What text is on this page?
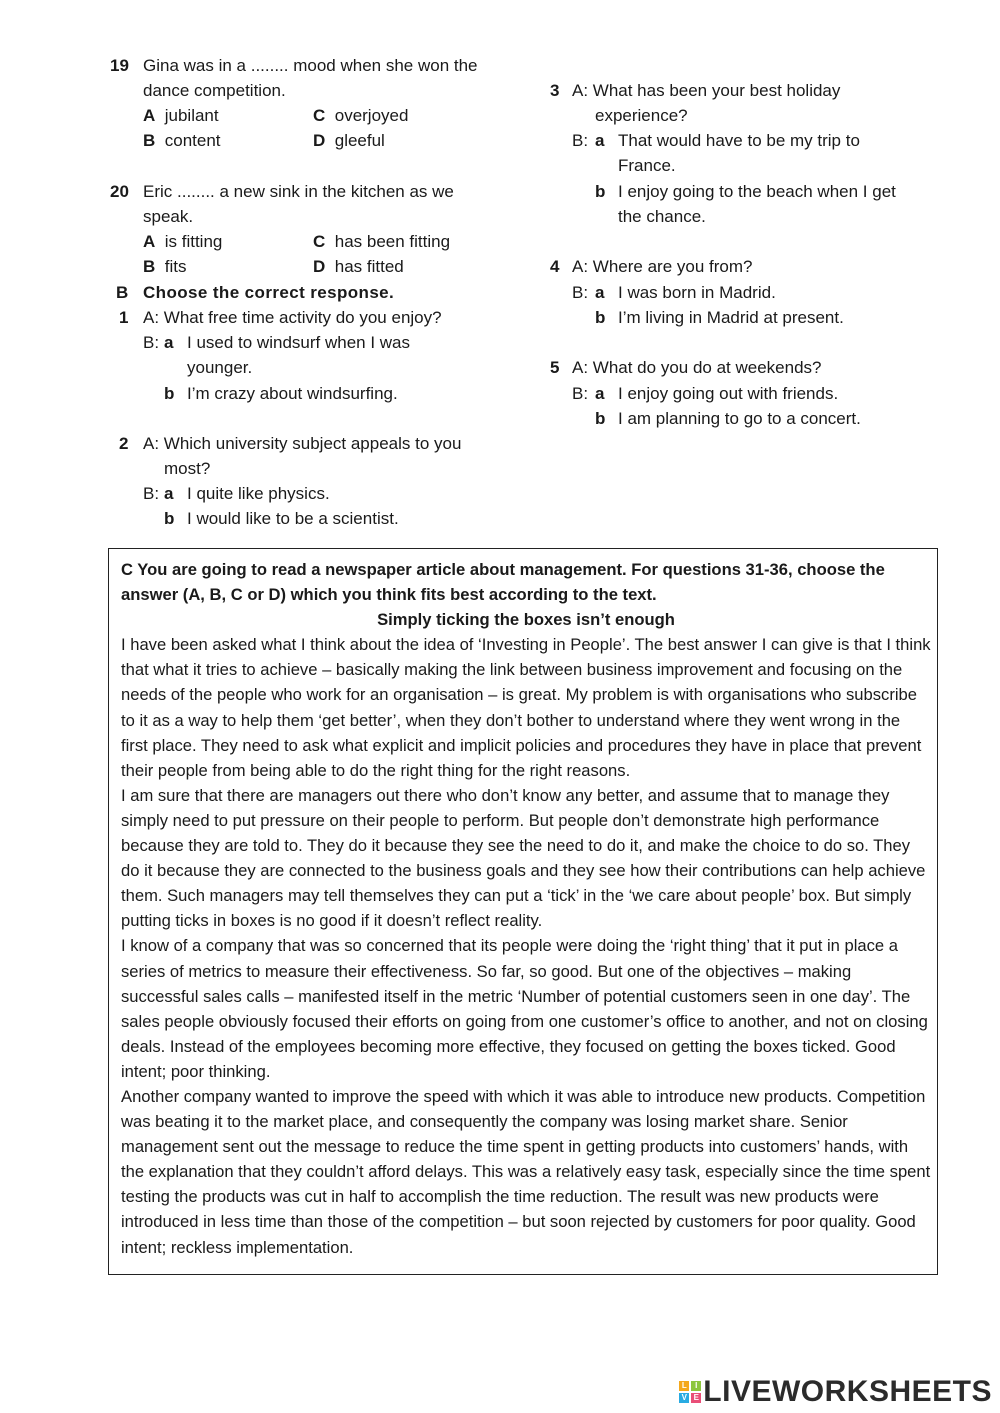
19 Gina was in a ........ mood when she won the
dance competition.
A jubilant	C overjoyed
B content	D gleeful
20 Eric ........ a new sink in the kitchen as we
speak.
A is fitting	C has been fitting
B fits	D has fitted
B Choose the correct response.
1 A: What free time activity do you enjoy?
B: a I used to windsurf when I was
younger.
b I’m crazy about windsurfing.
2 A: Which university subject appeals to you
most?
B: a I quite like physics.
b I would like to be a scientist.
3 A: What has been your best holiday
experience?
B: a That would have to be my trip to
France.
b I enjoy going to the beach when I get
the chance.
4 A: Where are you from?
B: a I was born in Madrid.
b I’m living in Madrid at present.
5 A: What do you do at weekends?
B: a I enjoy going out with friends.
b I am planning to go to a concert.
C You are going to read a newspaper article about management. For questions 31-36, choose the answer (A, B, C or D) which you think fits best according to the text.
Simply ticking the boxes isn’t enough

I have been asked what I think about the idea of ‘Investing in People’. The best answer I can give is that I think that what it tries to achieve – basically making the link between business improvement and focusing on the needs of the people who work for an organisation – is great. My problem is with organisations who subscribe to it as a way to help them ‘get better’, when they don’t bother to understand where they went wrong in the first place. They need to ask what explicit and implicit policies and procedures they have in place that prevent their people from being able to do the right thing for the right reasons.

I am sure that there are managers out there who don’t know any better, and assume that to manage they simply need to put pressure on their people to perform. But people don’t demonstrate high performance because they are told to. They do it because they see the need to do it, and make the choice to do so. They do it because they are connected to the business goals and they see how their contributions can help achieve them. Such managers may tell themselves they can put a ‘tick’ in the ‘we care about people’ box. But simply putting ticks in boxes is no good if it doesn’t reflect reality.

I know of a company that was so concerned that its people were doing the ‘right thing’ that it put in place a series of metrics to measure their effectiveness. So far, so good. But one of the objectives – making successful sales calls – manifested itself in the metric ‘Number of potential customers seen in one day’. The sales people obviously focused their efforts on going from one customer’s office to another, and not on closing deals. Instead of the employees becoming more effective, they focused on getting the boxes ticked. Good intent; poor thinking.

Another company wanted to improve the speed with which it was able to introduce new products. Competition was beating it to the market place, and consequently the company was losing market share. Senior management sent out the message to reduce the time spent in getting products into customers’ hands, with the explanation that they couldn’t afford delays. This was a relatively easy task, especially since the time spent testing the products was cut in half to accomplish the time reduction. The result was new products were introduced in less time than those of the competition – but soon rejected by customers for poor quality. Good intent; reckless implementation.

L	I
V E LIVEWORKSHEETS
